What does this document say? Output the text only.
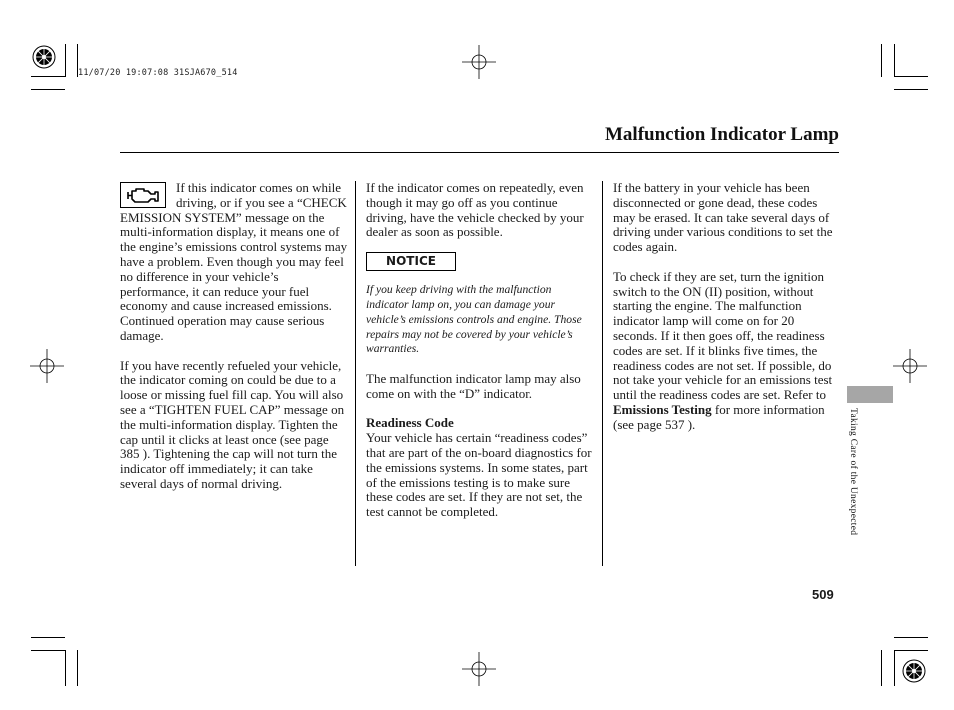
11/07/20 19:07:08 31SJA670_514
Malfunction Indicator Lamp

If this indicator comes on while driving, or if you see a “CHECK EMISSION SYSTEM” message on the multi-information display, it means one of the engine’s emissions control systems may have a problem. Even though you may feel no difference in your vehicle’s performance, it can reduce your fuel economy and cause increased emissions. Continued operation may cause serious damage.

If you have recently refueled your vehicle, the indicator coming on could be due to a loose or missing fuel fill cap. You will also see a “TIGHTEN FUEL CAP” message on the multi-information display. Tighten the cap until it clicks at least once (see page 385 ). Tightening the cap will not turn the indicator off immediately; it can take several days of normal driving.

If the indicator comes on repeatedly, even though it may go off as you continue driving, have the vehicle checked by your dealer as soon as possible.

NOTICE

If you keep driving with the malfunction indicator lamp on, you can damage your vehicle’s emissions controls and engine. Those repairs may not be covered by your vehicle’s warranties.

The malfunction indicator lamp may also come on with the “D” indicator.

Readiness Code

Your vehicle has certain “readiness codes” that are part of the on-board diagnostics for the emissions systems. In some states, part of the emissions testing is to make sure these codes are set. If they are not set, the test cannot be completed.

If the battery in your vehicle has been disconnected or gone dead, these codes may be erased. It can take several days of driving under various conditions to set the codes again.

To check if they are set, turn the ignition switch to the ON (II) position, without starting the engine. The malfunction indicator lamp will come on for 20 seconds. If it then goes off, the readiness codes are set. If it blinks five times, the readiness codes are not set. If possible, do not take your vehicle for an emissions test until the readiness codes are set. Refer to Emissions Testing for more information (see page 537 ).	Taking Care of the Unexpected
509
